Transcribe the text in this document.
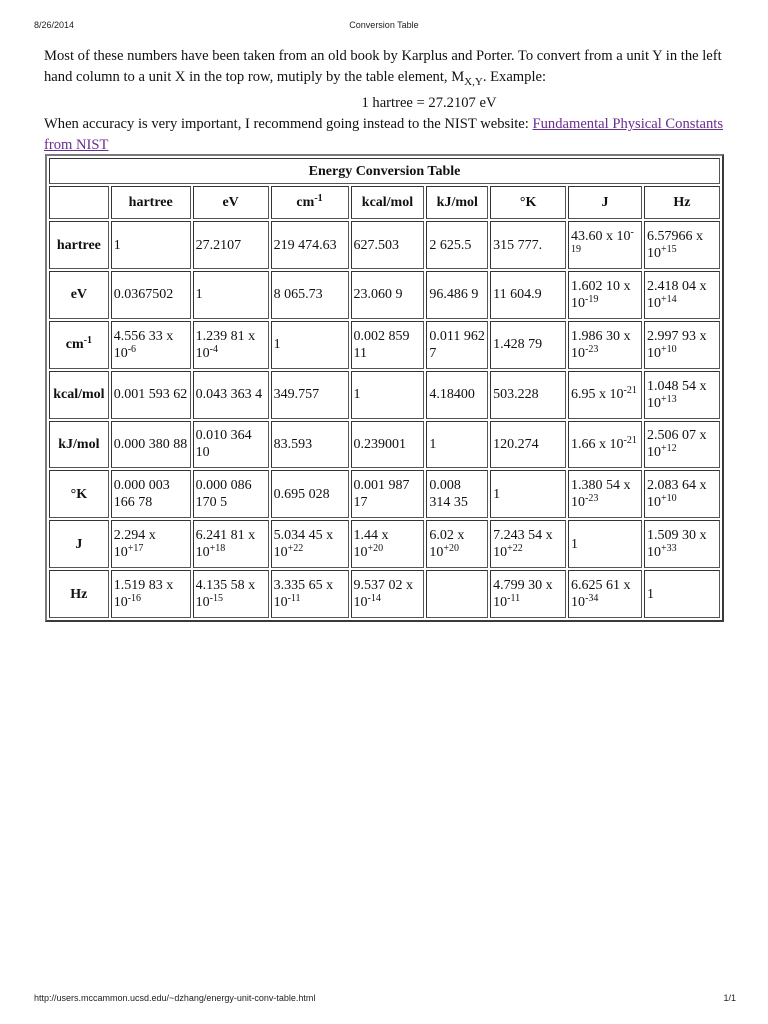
8/26/2014	Conversion Table

Most of these numbers have been taken from an old book by Karplus and Porter. To convert from a unit Y in the left hand column to a unit X in the top row, mutiply by the table element, $M_{X,Y}$. Example:

1 hartree = 27.2107 eV

When accuracy is very important, I recommend going instead to the NIST website: Fundamental Physical Constants from NIST

Energy Conversion Table								
	hartree	eV	$cm^{-1}$	kcal/mol	kJ/mol	°K	J	Hz
hartree	1	27.2107	219 474.63	627.503	2 625.5	315 777.	43.60 x $10^{-19}$	6.57966 x $10^{+15}$
eV	0.0367502	1	8 065.73	23.060 9	96.486 9	11 604.9	1.602 10 x $10^{-19}$	2.418 04 x $10^{+14}$
$cm^{-1}$	4.556 33 x $10^{-6}$	1.239 81 x $10^{-4}$	1	0.002 859 11	0.011 962 7	1.428 79	1.986 30 x $10^{-23}$	2.997 93 x $10^{+10}$
kcal/mol	0.001 593 62	0.043 363 4	349.757	1	4.18400	503.228	6.95 x $10^{-21}$	1.048 54 x $10^{+13}$
kJ/mol	0.000 380 88	0.010 364 10	83.593	0.239001	1	120.274	1.66 x $10^{-21}$	2.506 07 x $10^{+12}$
°K	0.000 003 166 78	0.000 086 170 5	0.695 028	0.001 987 17	0.008 314 35	1	1.380 54 x $10^{-23}$	2.083 64 x $10^{+10}$
J	2.294 x $10^{+17}$	6.241 81 x $10^{+18}$	5.034 45 x $10^{+22}$	1.44 x $10^{+20}$	6.02 x $10^{+20}$	7.243 54 x $10^{+22}$	1	1.509 30 x $10^{+33}$
Hz	1.519 83 x $10^{-16}$	4.135 58 x $10^{-15}$	3.335 65 x $10^{-11}$	9.537 02 x $10^{-14}$		4.799 30 x $10^{-11}$	6.625 61 x $10^{-34}$	1
http://users.mccammon.ucsd.edu/~dzhang/energy-unit-conv-table.html	1/1
